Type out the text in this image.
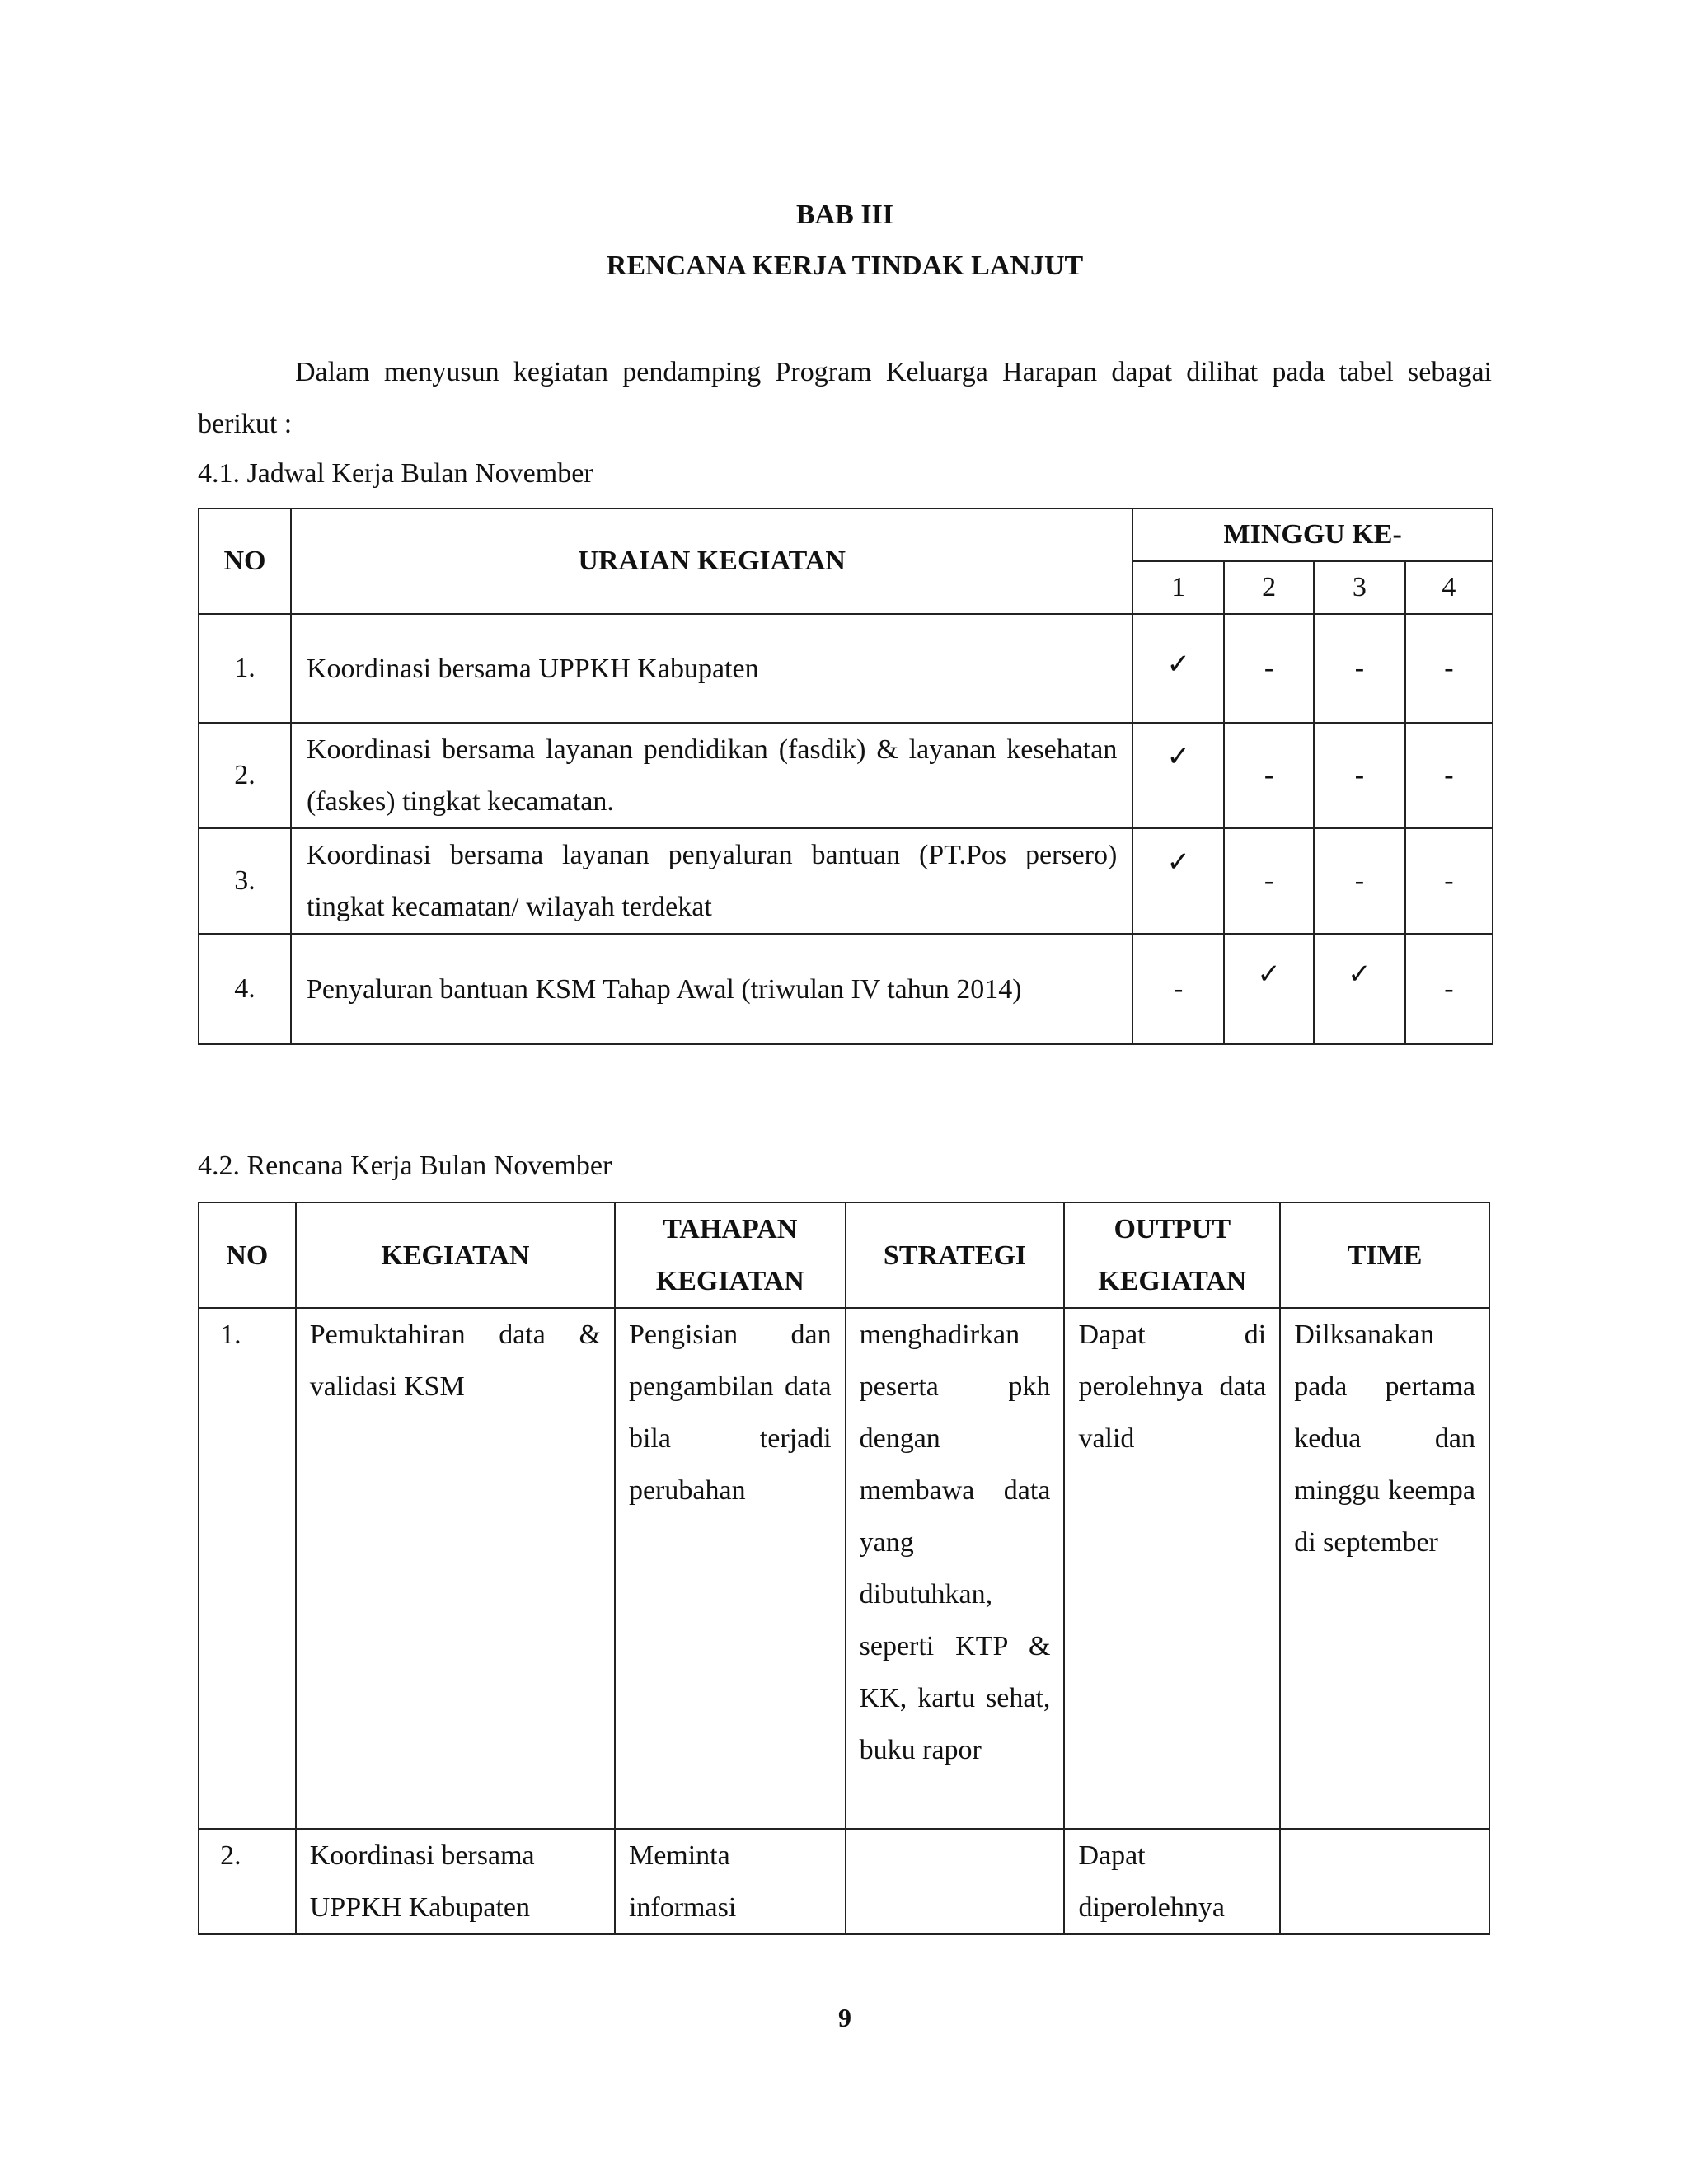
BAB III
RENCANA KERJA TINDAK LANJUT
Dalam menyusun kegiatan pendamping Program Keluarga Harapan dapat dilihat pada tabel sebagai berikut :
4.1. Jadwal Kerja Bulan November
NO	URAIAN KEGIATAN	MINGGU KE-			
		1	2	3	4
1.	Koordinasi bersama UPPKH Kabupaten	✓	-	-	-
2.	Koordinasi bersama layanan pendidikan (fasdik) & layanan kesehatan (faskes) tingkat kecamatan.	✓	-	-	-
3.	Koordinasi bersama layanan penyaluran bantuan (PT.Pos persero) tingkat kecamatan/ wilayah terdekat	✓	-	-	-
4.	Penyaluran bantuan KSM Tahap Awal (triwulan IV tahun 2014)	-	✓	✓	-
4.2. Rencana Kerja Bulan November
NO	KEGIATAN	TAHAPAN KEGIATAN	STRATEGI	OUTPUT KEGIATAN	TIME
1.	Pemuktahiran data & validasi KSM	Pengisian dan pengambilan data bila terjadi perubahan	menghadirkan peserta pkh dengan membawa data yang dibutuhkan, seperti KTP & KK, kartu sehat, buku rapor	Dapat di perolehnya data valid	Dilksanakan pada pertama kedua dan minggu keempa di september
2.	Koordinasi bersama UPPKH Kabupaten	Meminta informasi		Dapat diperolehnya	
9
